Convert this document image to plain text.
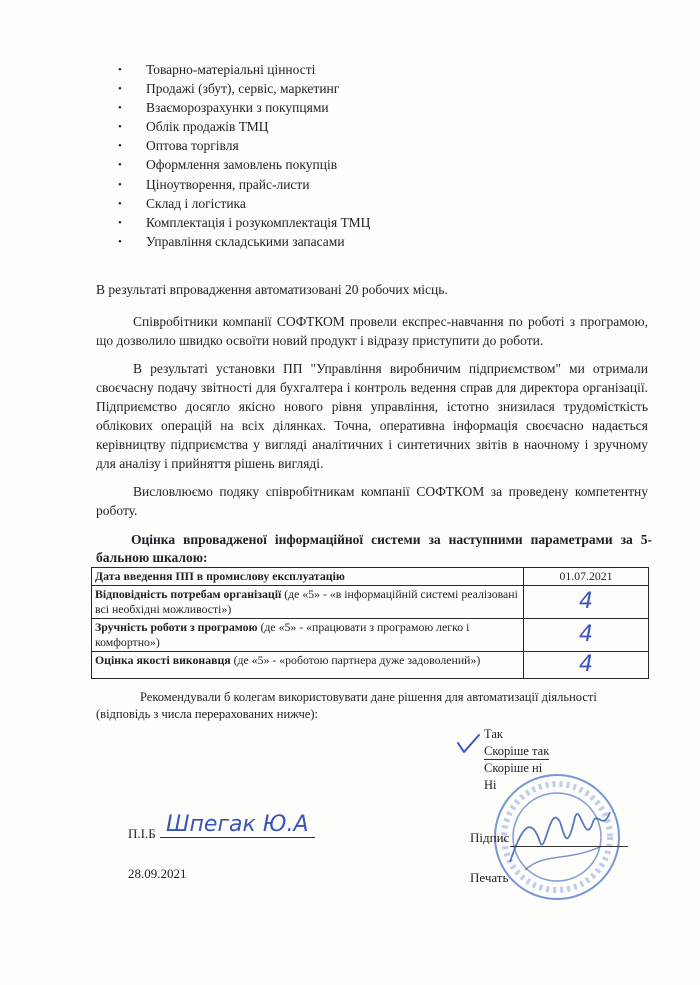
• Товарно-матеріальні цінності
• Продажі (збут), сервіс, маркетинг
• Взаєморозрахунки з покупцями
• Облік продажів ТМЦ
• Оптова торгівля
• Оформлення замовлень покупців
• Ціноутворення, прайс-листи
• Склад і логістика
• Комплектація і розукомплектація ТМЦ
• Управління складськими запасами

В результаті впровадження автоматизовані 20 робочих місць.

Співробітники компанії СОФТКОМ провели експрес-навчання по роботі з програмою, що дозволило швидко освоїти новий продукт і відразу приступити до роботи.

В результаті установки ПП "Управління виробничим підприємством" ми отримали своєчасну подачу звітності для бухгалтера і контроль ведення справ для директора організації. Підприємство досягло якісно нового рівня управління, істотно знизилася трудомісткість облікових операцій на всіх ділянках. Точна, оперативна інформація своєчасно надається керівництву підприємства у вигляді аналітичних і синтетичних звітів в наочному і зручному для аналізу і прийняття рішень вигляді.

Висловлюємо подяку співробітникам компанії СОФТКОМ за проведену компетентну роботу.

Оцінка впровадженої інформаційної системи за наступними параметрами за 5-бальною шкалою:
Дата введення ПП в промислову експлуатацію	01.07.2021
Відповідність потребам організації (де «5» - «в інформаційній системі реалізовані всі необхідні можливості»)	4
Зручність роботи з програмою (де «5» - «працювати з програмою легко і комфортно»)	4
Оцінка якості виконавця (де «5» - «роботою партнера дуже задоволений»)	4
Рекомендували б колегам використовувати дане рішення для автоматизації діяльності (відповідь з числа перерахованих нижче):
Так
Скоріше так
Скоріше ні
Ні
П.І.Б Шпегак Ю.А
28.09.2021
Підпис
Печать
